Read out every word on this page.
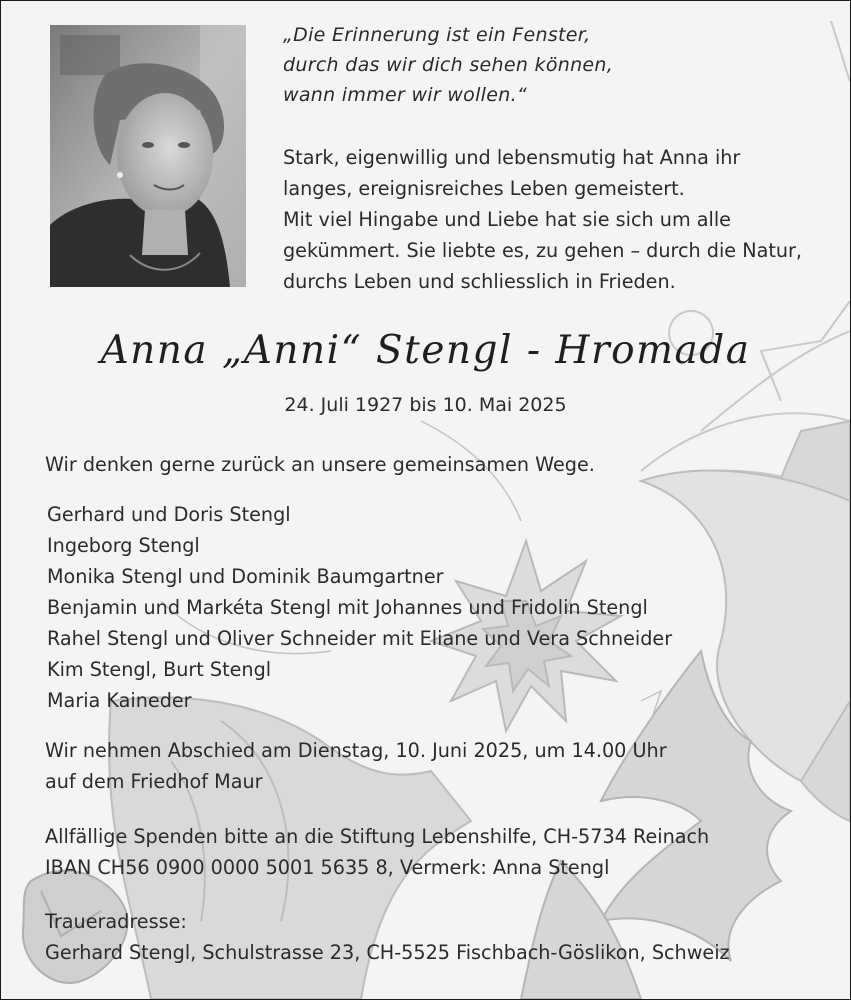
„Die Erinnerung ist ein Fenster,
durch das wir dich sehen können,
wann immer wir wollen.“
Stark, eigenwillig und lebensmutig hat Anna ihr
langes, ereignisreiches Leben gemeistert.
Mit viel Hingabe und Liebe hat sie sich um alle
gekümmert. Sie liebte es, zu gehen – durch die Natur,
durchs Leben und schliesslich in Frieden.
Anna „Anni“ Stengl - Hromada
24. Juli 1927 bis 10. Mai 2025
Wir denken gerne zurück an unsere gemeinsamen Wege.
Gerhard und Doris Stengl
Ingeborg Stengl
Monika Stengl und Dominik Baumgartner
Benjamin und Markéta Stengl mit Johannes und Fridolin Stengl
Rahel Stengl und Oliver Schneider mit Eliane und Vera Schneider
Kim Stengl, Burt Stengl
Maria Kaineder
Wir nehmen Abschied am Dienstag, 10. Juni 2025, um 14.00 Uhr
auf dem Friedhof Maur
Allfällige Spenden bitte an die Stiftung Lebenshilfe, CH-5734 Reinach
IBAN CH56 0900 0000 5001 5635 8, Vermerk: Anna Stengl
Traueradresse:
Gerhard Stengl, Schulstrasse 23, CH-5525 Fischbach-Göslikon, Schweiz
